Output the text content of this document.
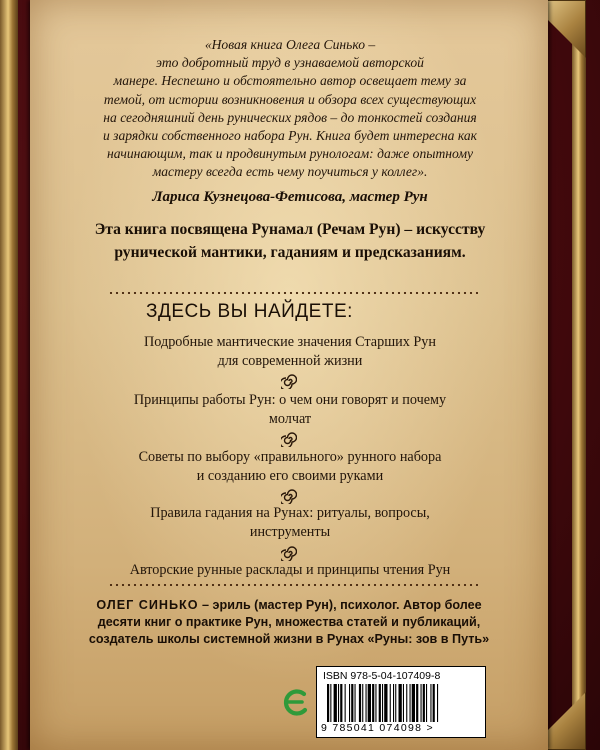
«Новая книга Олега Синько –
это добротный труд в узнаваемой авторской
манере. Неспешно и обстоятельно автор освещает тему за
темой, от истории возникновения и обзора всех существующих
на сегодняшний день рунических рядов – до тонкостей создания
и зарядки собственного набора Рун. Книга будет интересна как
начинающим, так и продвинутым рунологам: даже опытному
мастеру всегда есть чему поучиться у коллег».
Лариса Кузнецова-Фетисова, мастер Рун
Эта книга посвящена Рунамал (Речам Рун) – искусству
рунической мантики, гаданиям и предсказаниям.
ЗДЕСЬ ВЫ НАЙДЕТЕ:
Подробные мантические значения Старших Рун
для современной жизни
Принципы работы Рун: о чем они говорят и почему
молчат
Советы по выбору «правильного» рунного набора
и созданию его своими руками
Правила гадания на Рунах: ритуалы, вопросы,
инструменты
Авторские рунные расклады и принципы чтения Рун
ОЛЕГ СИНЬКО – эриль (мастер Рун), психолог. Автор более
десяти книг о практике Рун, множества статей и публикаций,
создатель школы системной жизни в Рунах «Руны: зов в Путь»
ISBN 978-5-04-107409-8
9 785041 074098 >
